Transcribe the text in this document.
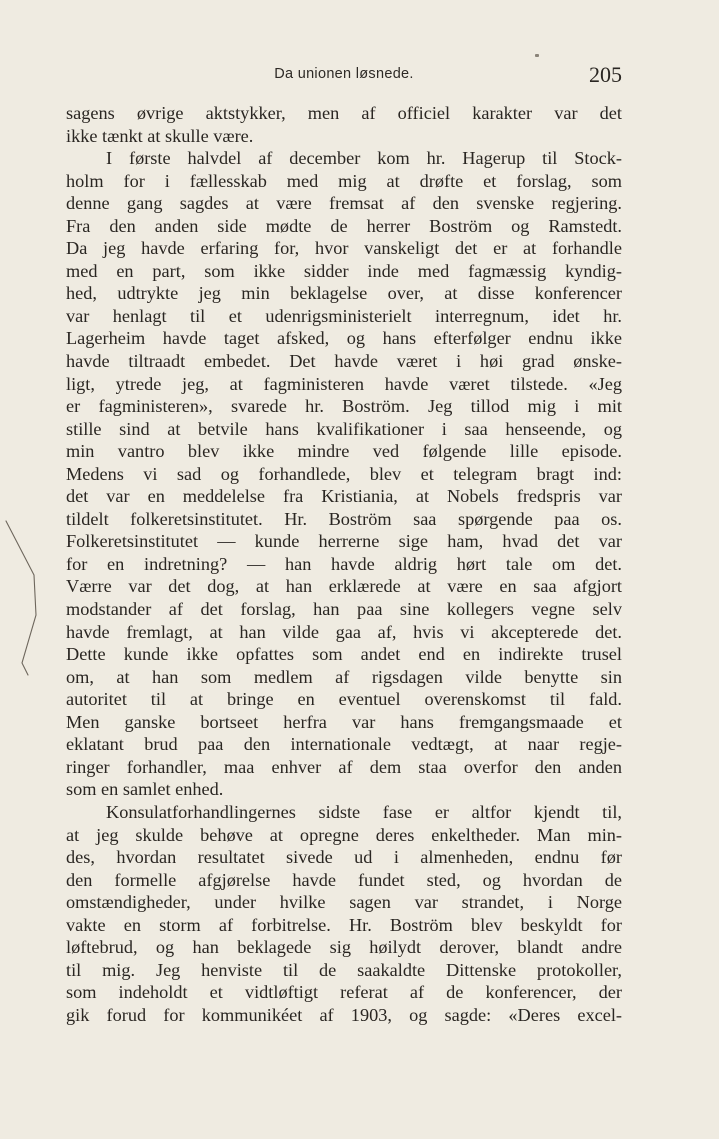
Da unionen løsnede.	205
sagens øvrige aktstykker, men af officiel karakter var det
ikke tænkt at skulle være.
I første halvdel af december kom hr. Hagerup til Stock-
holm for i fællesskab med mig at drøfte et forslag, som
denne gang sagdes at være fremsat af den svenske regjering.
Fra den anden side mødte de herrer Boström og Ramstedt.
Da jeg havde erfaring for, hvor vanskeligt det er at forhandle
med en part, som ikke sidder inde med fagmæssig kyndig-
hed, udtrykte jeg min beklagelse over, at disse konferencer
var henlagt til et udenrigsministerielt interregnum, idet hr.
Lagerheim havde taget afsked, og hans efterfølger endnu ikke
havde tiltraadt embedet. Det havde været i høi grad ønske-
ligt, ytrede jeg, at fagministeren havde været tilstede. «Jeg
er fagministeren», svarede hr. Boström. Jeg tillod mig i mit
stille sind at betvile hans kvalifikationer i saa henseende, og
min vantro blev ikke mindre ved følgende lille episode.
Medens vi sad og forhandlede, blev et telegram bragt ind:
det var en meddelelse fra Kristiania, at Nobels fredspris var
tildelt folkeretsinstitutet. Hr. Boström saa spørgende paa os.
Folkeretsinstitutet — kunde herrerne sige ham, hvad det var
for en indretning? — han havde aldrig hørt tale om det.
Værre var det dog, at han erklærede at være en saa afgjort
modstander af det forslag, han paa sine kollegers vegne selv
havde fremlagt, at han vilde gaa af, hvis vi akcepterede det.
Dette kunde ikke opfattes som andet end en indirekte trusel
om, at han som medlem af rigsdagen vilde benytte sin
autoritet til at bringe en eventuel overenskomst til fald.
Men ganske bortseet herfra var hans fremgangsmaade et
eklatant brud paa den internationale vedtægt, at naar regje-
ringer forhandler, maa enhver af dem staa overfor den anden
som en samlet enhed.
Konsulatforhandlingernes sidste fase er altfor kjendt til,
at jeg skulde behøve at opregne deres enkeltheder. Man min-
des, hvordan resultatet sivede ud i almenheden, endnu før
den formelle afgjørelse havde fundet sted, og hvordan de
omstændigheder, under hvilke sagen var strandet, i Norge
vakte en storm af forbitrelse. Hr. Boström blev beskyldt for
løftebrud, og han beklagede sig høilydt derover, blandt andre
til mig. Jeg henviste til de saakaldte Dittenske protokoller,
som indeholdt et vidtløftigt referat af de konferencer, der
gik forud for kommunikéet af 1903, og sagde: «Deres excel-
